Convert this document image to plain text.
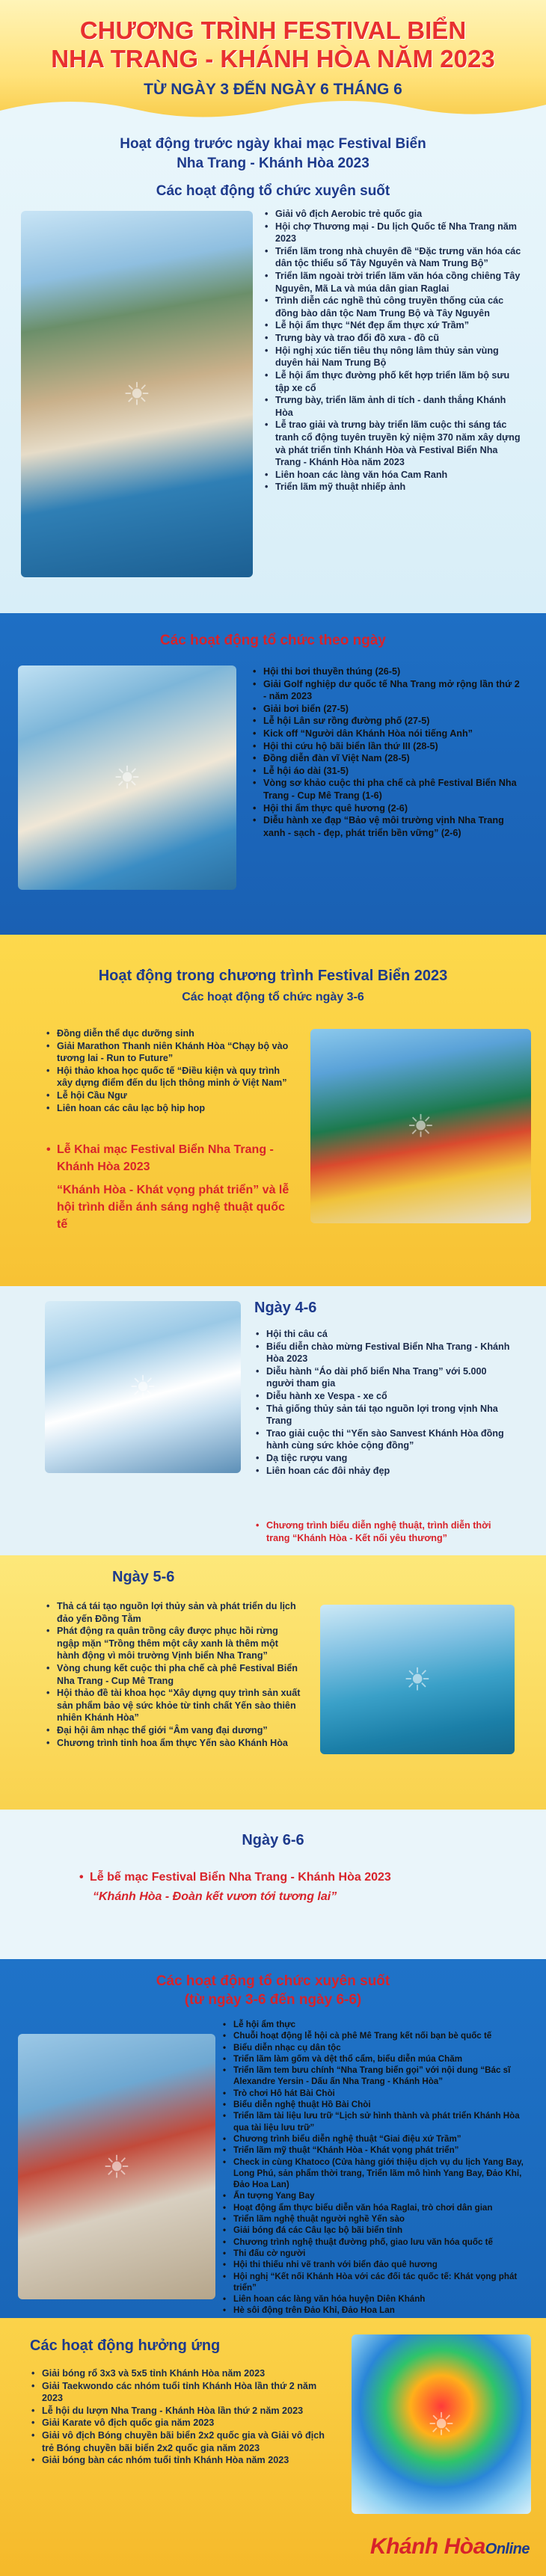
CHƯƠNG TRÌNH FESTIVAL BIỂN
NHA TRANG - KHÁNH HÒA NĂM 2023
TỪ NGÀY 3 ĐẾN NGÀY 6 THÁNG 6
Hoạt động trước ngày khai mạc Festival Biển
Nha Trang - Khánh Hòa 2023
Các hoạt động tổ chức xuyên suốt
☀
• Giải vô địch Aerobic trẻ quốc gia
• Hội chợ Thương mại - Du lịch Quốc tế Nha Trang năm 2023
• Triển lãm trong nhà chuyên đề “Đặc trưng văn hóa các dân tộc thiểu số Tây Nguyên và Nam Trung Bộ”
• Triển lãm ngoài trời triển lãm văn hóa cồng chiêng Tây Nguyên, Mã La và múa dân gian Raglai
• Trình diễn các nghề thủ công truyền thống của các đồng bào dân tộc Nam Trung Bộ và Tây Nguyên
• Lễ hội ẩm thực “Nét đẹp ẩm thực xứ Trầm”
• Trưng bày và trao đổi đồ xưa - đồ cũ
• Hội nghị xúc tiến tiêu thụ nông lâm thủy sản vùng duyên hải Nam Trung Bộ
• Lễ hội ẩm thực đường phố kết hợp triển lãm bộ sưu tập xe cổ
• Trưng bày, triển lãm ảnh di tích - danh thắng Khánh Hòa
• Lễ trao giải và trưng bày triển lãm cuộc thi sáng tác tranh cổ động tuyên truyền kỷ niệm 370 năm xây dựng và phát triển tỉnh Khánh Hòa và Festival Biển Nha Trang - Khánh Hòa năm 2023
• Liên hoan các làng văn hóa Cam Ranh
• Triển lãm mỹ thuật nhiếp ảnh
Các hoạt động tổ chức theo ngày
☀
• Hội thi bơi thuyền thúng (26-5)
• Giải Golf nghiệp dư quốc tế Nha Trang mở rộng lần thứ 2 - năm 2023
• Giải bơi biển (27-5)
• Lễ hội Lân sư rồng đường phố (27-5)
• Kick off “Người dân Khánh Hòa nói tiếng Anh”
• Hội thi cứu hộ bãi biển lần thứ III (28-5)
• Đồng diễn đàn vĩ Việt Nam (28-5)
• Lễ hội áo dài (31-5)
• Vòng sơ khảo cuộc thi pha chế cà phê Festival Biển Nha Trang - Cup Mê Trang (1-6)
• Hội thi ẩm thực quê hương (2-6)
• Diễu hành xe đạp “Bảo vệ môi trường vịnh Nha Trang xanh - sạch - đẹp, phát triển bền vững” (2-6)
Hoạt động trong chương trình Festival Biển 2023
Các hoạt động tổ chức ngày 3-6
• Đồng diễn thể dục dưỡng sinh
• Giải Marathon Thanh niên Khánh Hòa “Chạy bộ vào tương lai - Run to Future”
• Hội thảo khoa học quốc tế “Điều kiện và quy trình xây dựng điểm đến du lịch thông minh ở Việt Nam”
• Lễ hội Cầu Ngư
• Liên hoan các câu lạc bộ hip hop
• Lễ Khai mạc Festival Biển Nha Trang - Khánh Hòa 2023
“Khánh Hòa - Khát vọng phát triển” và lễ hội trình diễn ánh sáng nghệ thuật quốc tế
☀
Ngày 4-6
☀
• Hội thi câu cá
• Biểu diễn chào mừng Festival Biển Nha Trang - Khánh Hòa 2023
• Diễu hành “Áo dài phố biển Nha Trang” với 5.000 người tham gia
• Diễu hành xe Vespa - xe cổ
• Thả giống thủy sản tái tạo nguồn lợi trong vịnh Nha Trang
• Trao giải cuộc thi “Yến sào Sanvest Khánh Hòa đồng hành cùng sức khỏe cộng đồng”
• Dạ tiệc rượu vang
• Liên hoan các đôi nhảy đẹp
• Chương trình biểu diễn nghệ thuật, trình diễn thời trang “Khánh Hòa - Kết nối yêu thương”
Ngày 5-6
• Thả cá tái tạo nguồn lợi thủy sản và phát triển du lịch đảo yến Đồng Tằm
• Phát động ra quân trồng cây được phục hồi rừng ngập mặn “Trồng thêm một cây xanh là thêm một hành động vì môi trường Vịnh biển Nha Trang”
• Vòng chung kết cuộc thi pha chế cà phê Festival Biển Nha Trang - Cup Mê Trang
• Hội thảo đề tài khoa học “Xây dựng quy trình sản xuất sản phẩm bảo vệ sức khỏe từ tinh chất Yến sào thiên nhiên Khánh Hòa”
• Đại hội âm nhạc thể giới “Âm vang đại dương”
• Chương trình tinh hoa ẩm thực Yến sào Khánh Hòa
☀
Ngày 6-6
• Lễ bế mạc Festival Biển Nha Trang - Khánh Hòa 2023
“Khánh Hòa - Đoàn kết vươn tới tương lai”
Các hoạt động tổ chức xuyên suốt
(từ ngày 3-6 đến ngày 6-6)
☀
• Lễ hội ẩm thực
• Chuỗi hoạt động lễ hội cà phê Mê Trang kết nối bạn bè quốc tế
• Biểu diễn nhạc cụ dân tộc
• Triển lãm làm gốm và dệt thổ cẩm, biểu diễn múa Chăm
• Triển lãm tem bưu chính “Nha Trang biển gọi” với nội dung “Bác sĩ Alexandre Yersin - Dấu ấn Nha Trang - Khánh Hòa”
• Trò chơi Hô hát Bài Chòi
• Biểu diễn nghệ thuật Hồ Bài Chòi
• Triển lãm tài liệu lưu trữ “Lịch sử hình thành và phát triển Khánh Hòa qua tài liệu lưu trữ”
• Chương trình biểu diễn nghệ thuật “Giai điệu xứ Trầm”
• Triển lãm mỹ thuật “Khánh Hòa - Khát vọng phát triển”
• Check in cùng Khatoco (Cửa hàng giới thiệu dịch vụ du lịch Yang Bay, Long Phú, sản phẩm thời trang, Triển lãm mô hình Yang Bay, Đảo Khỉ, Đảo Hoa Lan)
• Ẩn tượng Yang Bay
• Hoạt động ẩm thực biểu diễn văn hóa Raglai, trò chơi dân gian
• Triển lãm nghệ thuật người nghề Yến sào
• Giải bóng đá các Câu lạc bộ bãi biển tỉnh
• Chương trình nghệ thuật đường phố, giao lưu văn hóa quốc tế
• Thi đấu cờ người
• Hội thi thiếu nhi vẽ tranh với biển đảo quê hương
• Hội nghị “Kết nối Khánh Hòa với các đối tác quốc tế: Khát vọng phát triển”
• Liên hoan các làng văn hóa huyện Diên Khánh
• Hè sôi động trên Đảo Khỉ, Đảo Hoa Lan
Các hoạt động hưởng ứng
• Giải bóng rổ 3x3 và 5x5 tỉnh Khánh Hòa năm 2023
• Giải Taekwondo các nhóm tuổi tỉnh Khánh Hòa lần thứ 2 năm 2023
• Lễ hội du lượn Nha Trang - Khánh Hòa lần thứ 2 năm 2023
• Giải Karate vô địch quốc gia năm 2023
• Giải vô địch Bóng chuyền bãi biển 2x2 quốc gia và Giải vô địch trẻ Bóng chuyền bãi biển 2x2 quốc gia năm 2023
• Giải bóng bàn các nhóm tuổi tỉnh Khánh Hòa năm 2023
☀
Khánh HòaOnline
